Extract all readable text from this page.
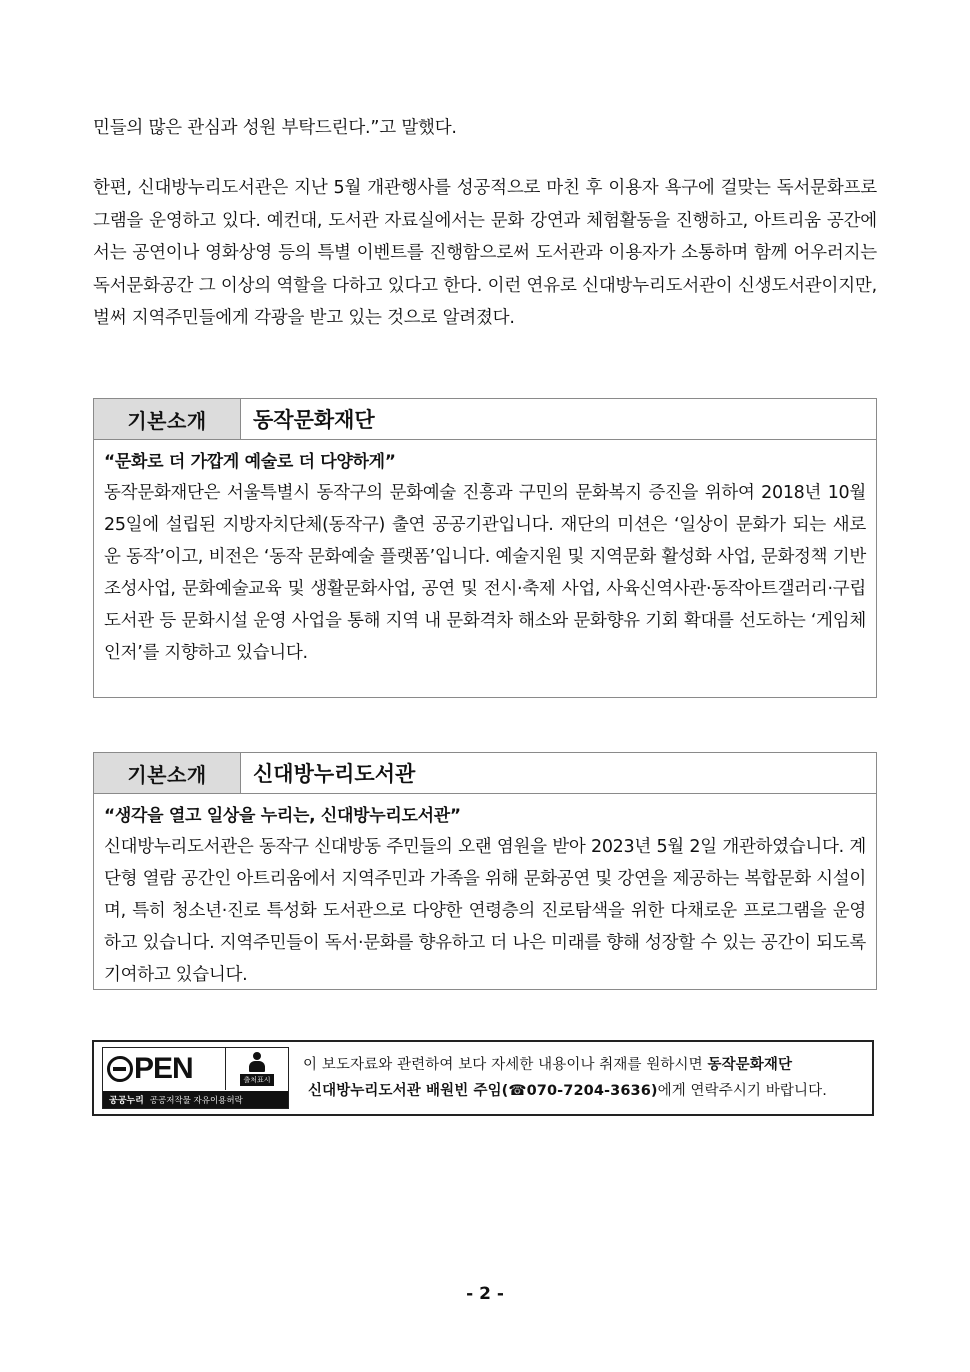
민들의 많은 관심과 성원 부탁드린다.”고 말했다.
한편, 신대방누리도서관은 지난 5월 개관행사를 성공적으로 마친 후 이용자 욕구에 걸맞는 독서문화프로그램을 운영하고 있다. 예컨대, 도서관 자료실에서는 문화 강연과 체험활동을 진행하고, 아트리움 공간에서는 공연이나 영화상영 등의 특별 이벤트를 진행함으로써 도서관과 이용자가 소통하며 함께 어우러지는 독서문화공간 그 이상의 역할을 다하고 있다고 한다. 이런 연유로 신대방누리도서관이 신생도서관이지만, 벌써 지역주민들에게 각광을 받고 있는 것으로 알려졌다.
기본소개	동작문화재단
“문화로 더 가깝게 예술로 더 다양하게”
동작문화재단은 서울특별시 동작구의 문화예술 진흥과 구민의 문화복지 증진을 위하여 2018년 10월 25일에 설립된 지방자치단체(동작구) 출연 공공기관입니다. 재단의 미션은 ‘일상이 문화가 되는 새로운 동작’이고, 비전은 ‘동작 문화예술 플랫폼’입니다. 예술지원 및 지역문화 활성화 사업, 문화정책 기반 조성사업, 문화예술교육 및 생활문화사업, 공연 및 전시·축제 사업, 사육신역사관·동작아트갤러리·구립도서관 등 문화시설 운영 사업을 통해 지역 내 문화격차 해소와 문화향유 기회 확대를 선도하는 ‘게임체인저’를 지향하고 있습니다.
기본소개	신대방누리도서관
“생각을 열고 일상을 누리는, 신대방누리도서관”
신대방누리도서관은 동작구 신대방동 주민들의 오랜 염원을 받아 2023년 5월 2일 개관하였습니다. 계단형 열람 공간인 아트리움에서 지역주민과 가족을 위해 문화공연 및 강연을 제공하는 복합문화 시설이며, 특히 청소년·진로 특성화 도서관으로 다양한 연령층의 진로탐색을 위한 다채로운 프로그램을 운영하고 있습니다. 지역주민들이 독서·문화를 향유하고 더 나은 미래를 향해 성장할 수 있는 공간이 되도록 기여하고 있습니다.
PEN	출처표시
공공누리 공공저작물 자유이용허락
이 보도자료와 관련하여 보다 자세한 내용이나 취재를 원하시면 동작문화재단
신대방누리도서관 배원빈 주임(☎070-7204-3636)에게 연락주시기 바랍니다.
- 2 -
